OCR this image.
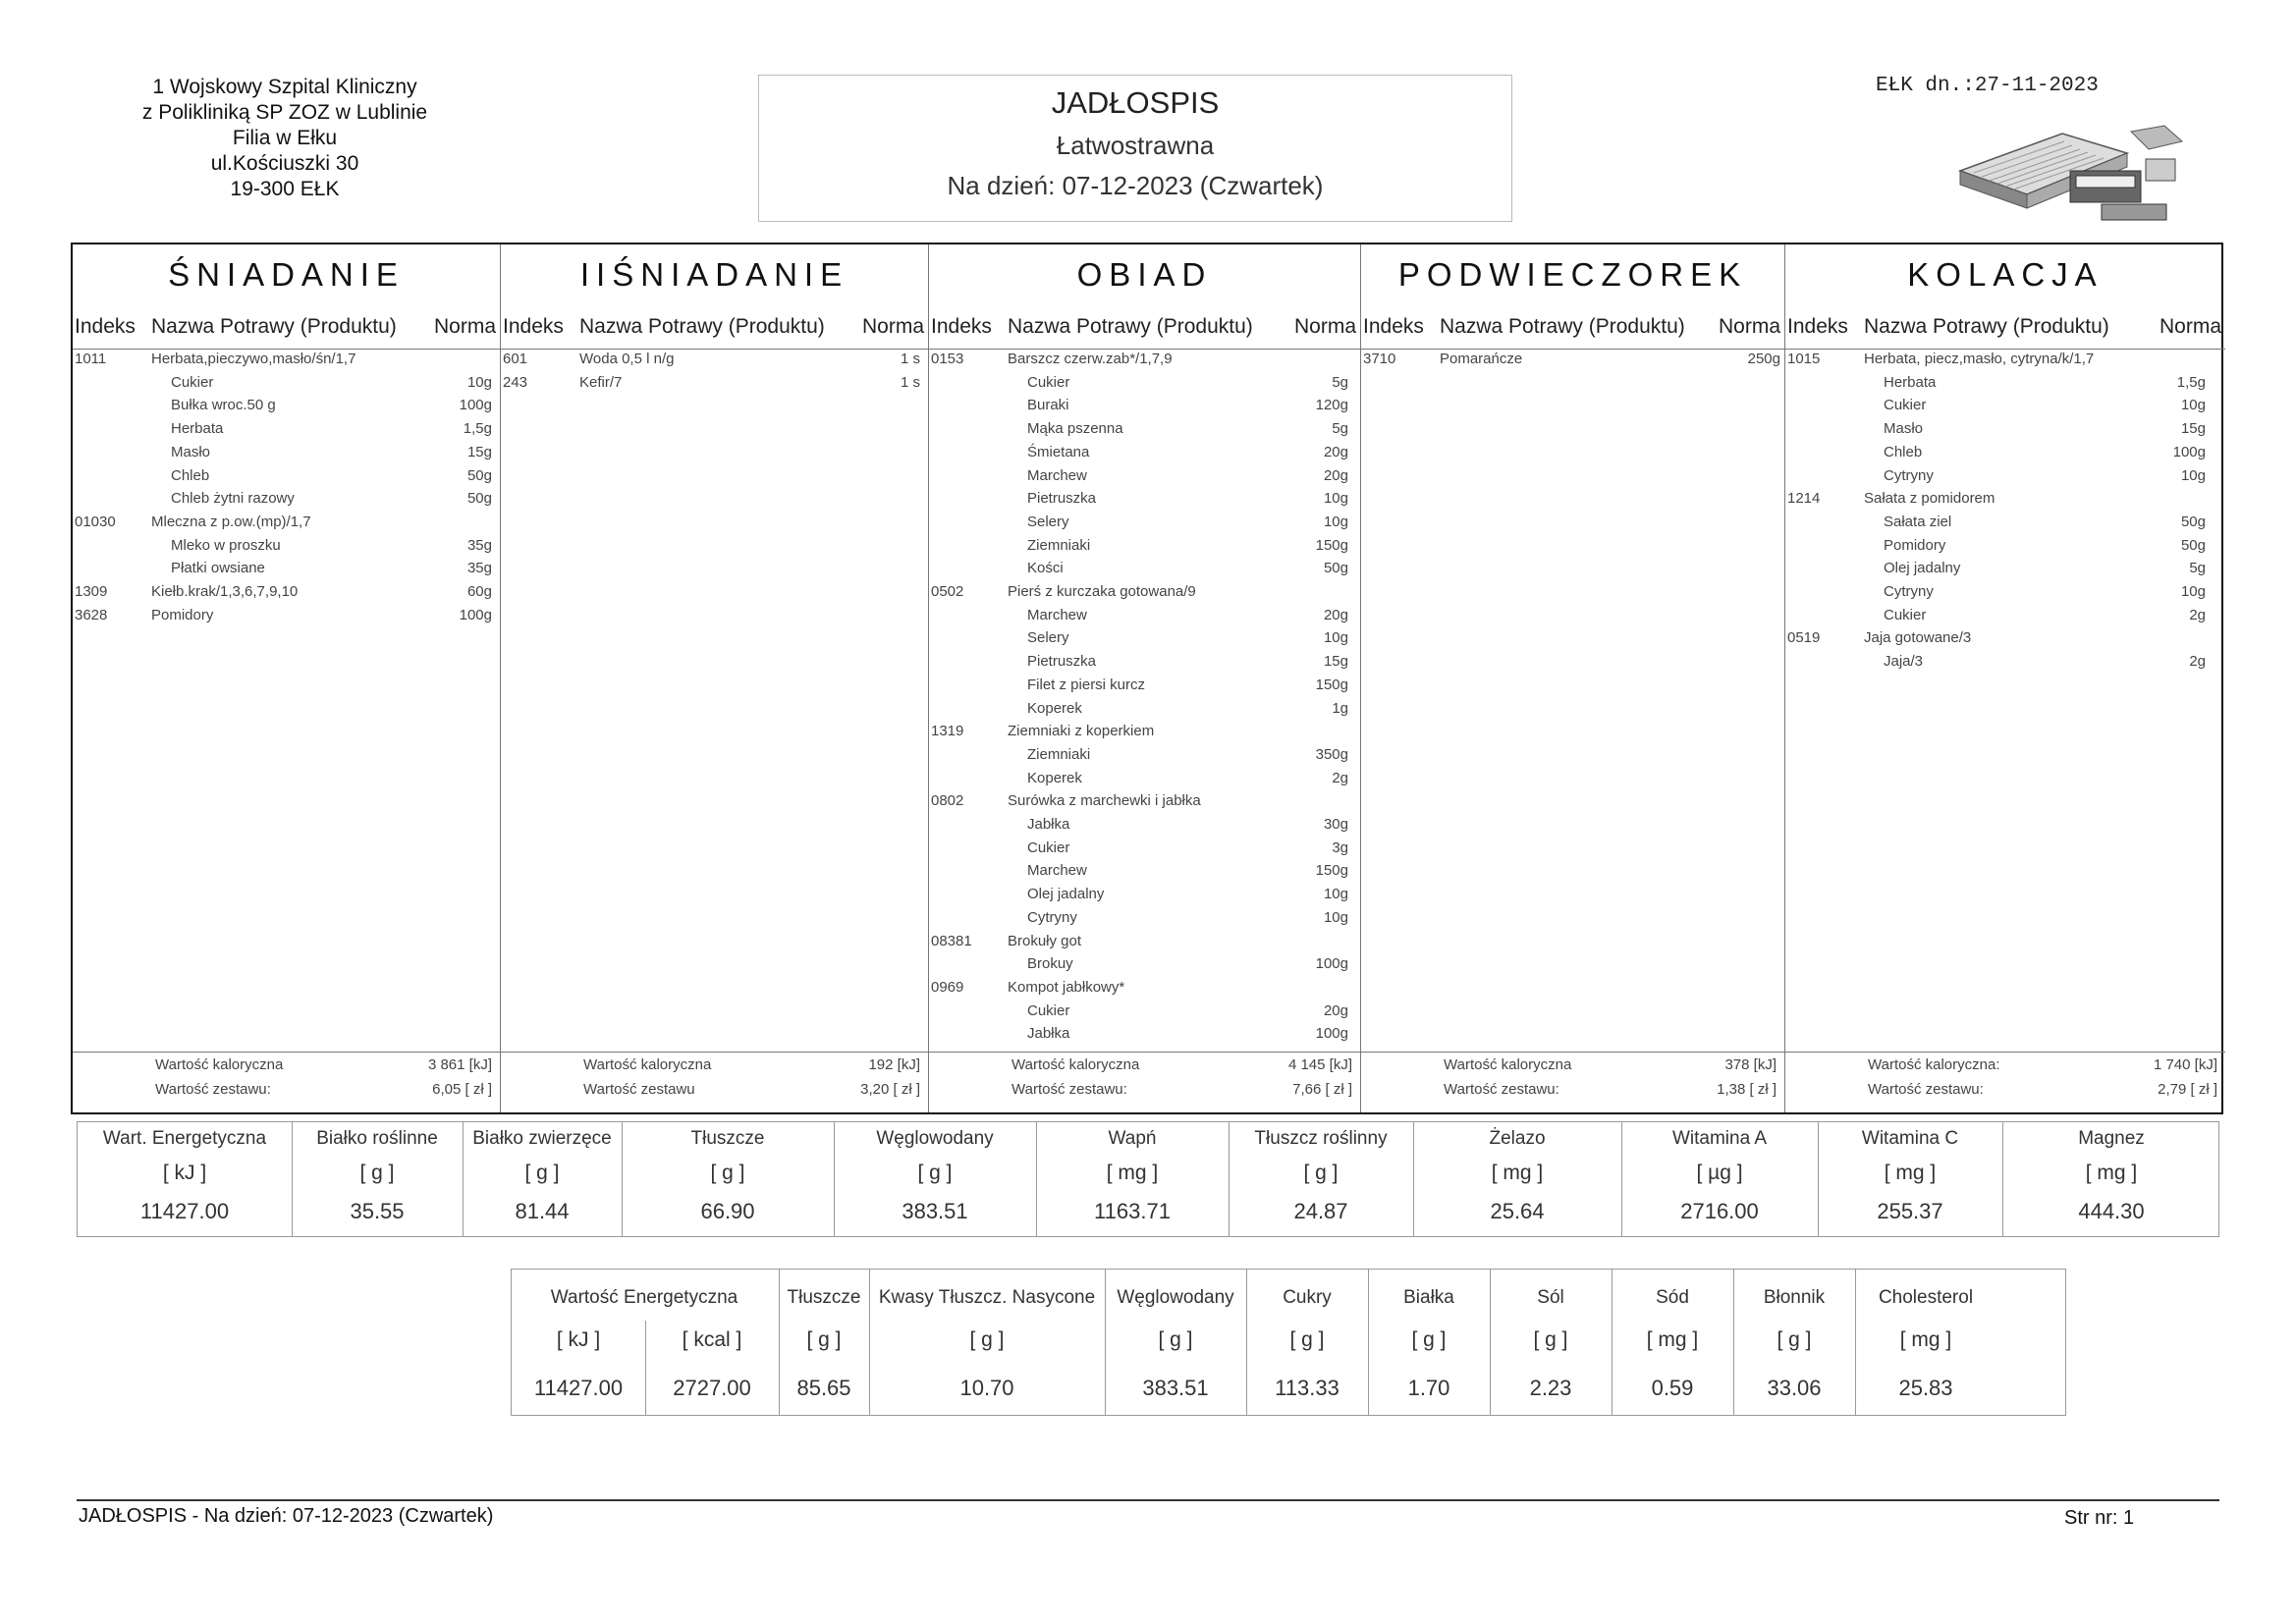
1 Wojskowy Szpital Kliniczny
z Polikliniką SP ZOZ w Lublinie
Filia w Ełku
ul.Kościuszki 30
19-300 EŁK
JADŁOSPIS
Łatwostrawna
Na dzień: 07-12-2023 (Czwartek)
EŁK dn.:27-11-2023
ŚNIADANIE
Indeks Nazwa Potrawy (Produktu) Norma
1011	Herbata,pieczywo,masło/śn/1,7
Cukier	10g
Bułka wroc.50 g	100g
Herbata	1,5g
Masło	15g
Chleb	50g
Chleb żytni razowy	50g
01030 Mleczna z p.ow.(mp)/1,7
Mleko w proszku	35g
Płatki owsiane	35g
1309	Kiełb.krak/1,3,6,7,9,10	60g
3628	Pomidory	100g
Wartość kaloryczna	3 861 [kJ]
Wartość zestawu:	6,05 [ zł ]
IIŚNIADANIE
Indeks Nazwa Potrawy (Produktu) Norma
601	Woda 0,5 l n/g	1 s
243	Kefir/7	1 s
Wartość kaloryczna	192 [kJ]
Wartość zestawu	3,20 [ zł ]
OBIAD
Indeks Nazwa Potrawy (Produktu) Norma
0153	Barszcz czerw.zab*/1,7,9
Cukier	5g
Buraki	120g
Mąka pszenna	5g
Śmietana	20g
Marchew	20g
Pietruszka	10g
Selery	10g
Ziemniaki	150g
Kości	50g
0502	Pierś z kurczaka gotowana/9
Marchew	20g
Selery	10g
Pietruszka	15g
Filet z piersi kurcz	150g
Koperek	1g
1319	Ziemniaki z koperkiem
Ziemniaki	350g
Koperek	2g
0802	Surówka z marchewki i jabłka
Jabłka	30g
Cukier	3g
Marchew	150g
Olej jadalny	10g
Cytryny	10g
08381 Brokuły got
Brokuy	100g
0969	Kompot jabłkowy*
Cukier	20g
Jabłka	100g
Wartość kaloryczna	4 145 [kJ]
Wartość zestawu:	7,66 [ zł ]
PODWIECZOREK
Indeks Nazwa Potrawy (Produktu) Norma
3710	Pomarańcze	250g
Wartość kaloryczna	378 [kJ]
Wartość zestawu:	1,38 [ zł ]
KOLACJA
Indeks Nazwa Potrawy (Produktu) Norma
1015	Herbata, piecz,masło, cytryna/k/1,7
Herbata	1,5g
Cukier	10g
Masło	15g
Chleb	100g
Cytryny	10g
1214	Sałata z pomidorem
Sałata ziel	50g
Pomidory	50g
Olej jadalny	5g
Cytryny	10g
Cukier	2g
0519	Jaja gotowane/3
Jaja/3	2g
Wartość kaloryczna:	1 740 [kJ]
Wartość zestawu:	2,79 [ zł ]
Wart. Energetyczna
[ kJ ]
11427.00
Białko roślinne
[ g ]
35.55
Białko zwierzęce
[ g ]
81.44
Tłuszcze
[ g ]
66.90
Węglowodany
[ g ]
383.51
Wapń
[ mg ]
1163.71
Tłuszcz roślinny
[ g ]
24.87
Żelazo
[ mg ]
25.64
Witamina A
[ µg ]
2716.00
Witamina C
[ mg ]
255.37
Magnez
[ mg ]
444.30
Wartość Energetyczna
[ kJ ]
11427.00
[ kcal ]
2727.00
Tłuszcze
[ g ]
85.65
Kwasy Tłuszcz. Nasycone
[ g ]
10.70
Węglowodany
[ g ]
383.51
Cukry
[ g ]
113.33
Białka
[ g ]
1.70
Sól
[ g ]
2.23
Sód
[ mg ]
0.59
Błonnik
[ g ]
33.06
Cholesterol
[ mg ]
25.83
JADŁOSPIS - Na dzień: 07-12-2023 (Czwartek)	Str nr: 1
